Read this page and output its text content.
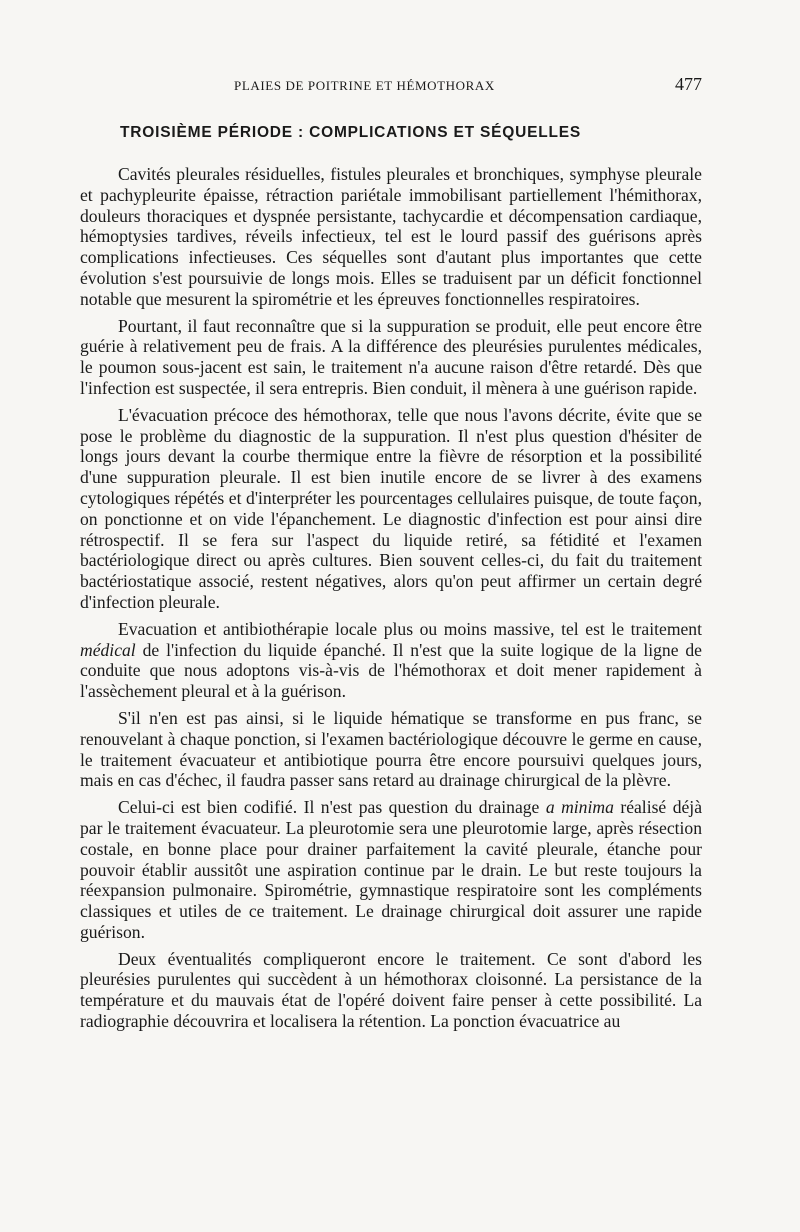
PLAIES DE POITRINE ET HÉMOTHORAX	477
TROISIÈME PÉRIODE : COMPLICATIONS ET SÉQUELLES

Cavités pleurales résiduelles, fistules pleurales et bronchiques, symphyse pleurale et pachypleurite épaisse, rétraction pariétale immobilisant partiellement l'hémithorax, douleurs thoraciques et dyspnée persistante, tachycardie et décompensation cardiaque, hémoptysies tardives, réveils infectieux, tel est le lourd passif des guérisons après complications infectieuses. Ces séquelles sont d'autant plus importantes que cette évolution s'est poursuivie de longs mois. Elles se traduisent par un déficit fonctionnel notable que mesurent la spirométrie et les épreuves fonctionnelles respiratoires.

Pourtant, il faut reconnaître que si la suppuration se produit, elle peut encore être guérie à relativement peu de frais. A la différence des pleurésies purulentes médicales, le poumon sous-jacent est sain, le traitement n'a aucune raison d'être retardé. Dès que l'infection est suspectée, il sera entrepris. Bien conduit, il mènera à une guérison rapide.

L'évacuation précoce des hémothorax, telle que nous l'avons décrite, évite que se pose le problème du diagnostic de la suppuration. Il n'est plus question d'hésiter de longs jours devant la courbe thermique entre la fièvre de résorption et la possibilité d'une suppuration pleurale. Il est bien inutile encore de se livrer à des examens cytologiques répétés et d'interpréter les pourcentages cellulaires puisque, de toute façon, on ponctionne et on vide l'épanchement. Le diagnostic d'infection est pour ainsi dire rétrospectif. Il se fera sur l'aspect du liquide retiré, sa fétidité et l'examen bactériologique direct ou après cultures. Bien souvent celles-ci, du fait du traitement bactériostatique associé, restent négatives, alors qu'on peut affirmer un certain degré d'infection pleurale.

Evacuation et antibiothérapie locale plus ou moins massive, tel est le traitement médical de l'infection du liquide épanché. Il n'est que la suite logique de la ligne de conduite que nous adoptons vis-à-vis de l'hémothorax et doit mener rapidement à l'assèchement pleural et à la guérison.

S'il n'en est pas ainsi, si le liquide hématique se transforme en pus franc, se renouvelant à chaque ponction, si l'examen bactériologique découvre le germe en cause, le traitement évacuateur et antibiotique pourra être encore poursuivi quelques jours, mais en cas d'échec, il faudra passer sans retard au drainage chirurgical de la plèvre.

Celui-ci est bien codifié. Il n'est pas question du drainage a minima réalisé déjà par le traitement évacuateur. La pleurotomie sera une pleurotomie large, après résection costale, en bonne place pour drainer parfaitement la cavité pleurale, étanche pour pouvoir établir aussitôt une aspiration continue par le drain. Le but reste toujours la réexpansion pulmonaire. Spirométrie, gymnastique respiratoire sont les compléments classiques et utiles de ce traitement. Le drainage chirurgical doit assurer une rapide guérison.

Deux éventualités compliqueront encore le traitement. Ce sont d'abord les pleurésies purulentes qui succèdent à un hémothorax cloisonné. La persistance de la température et du mauvais état de l'opéré doivent faire penser à cette possibilité. La radiographie découvrira et localisera la rétention. La ponction évacuatrice au
